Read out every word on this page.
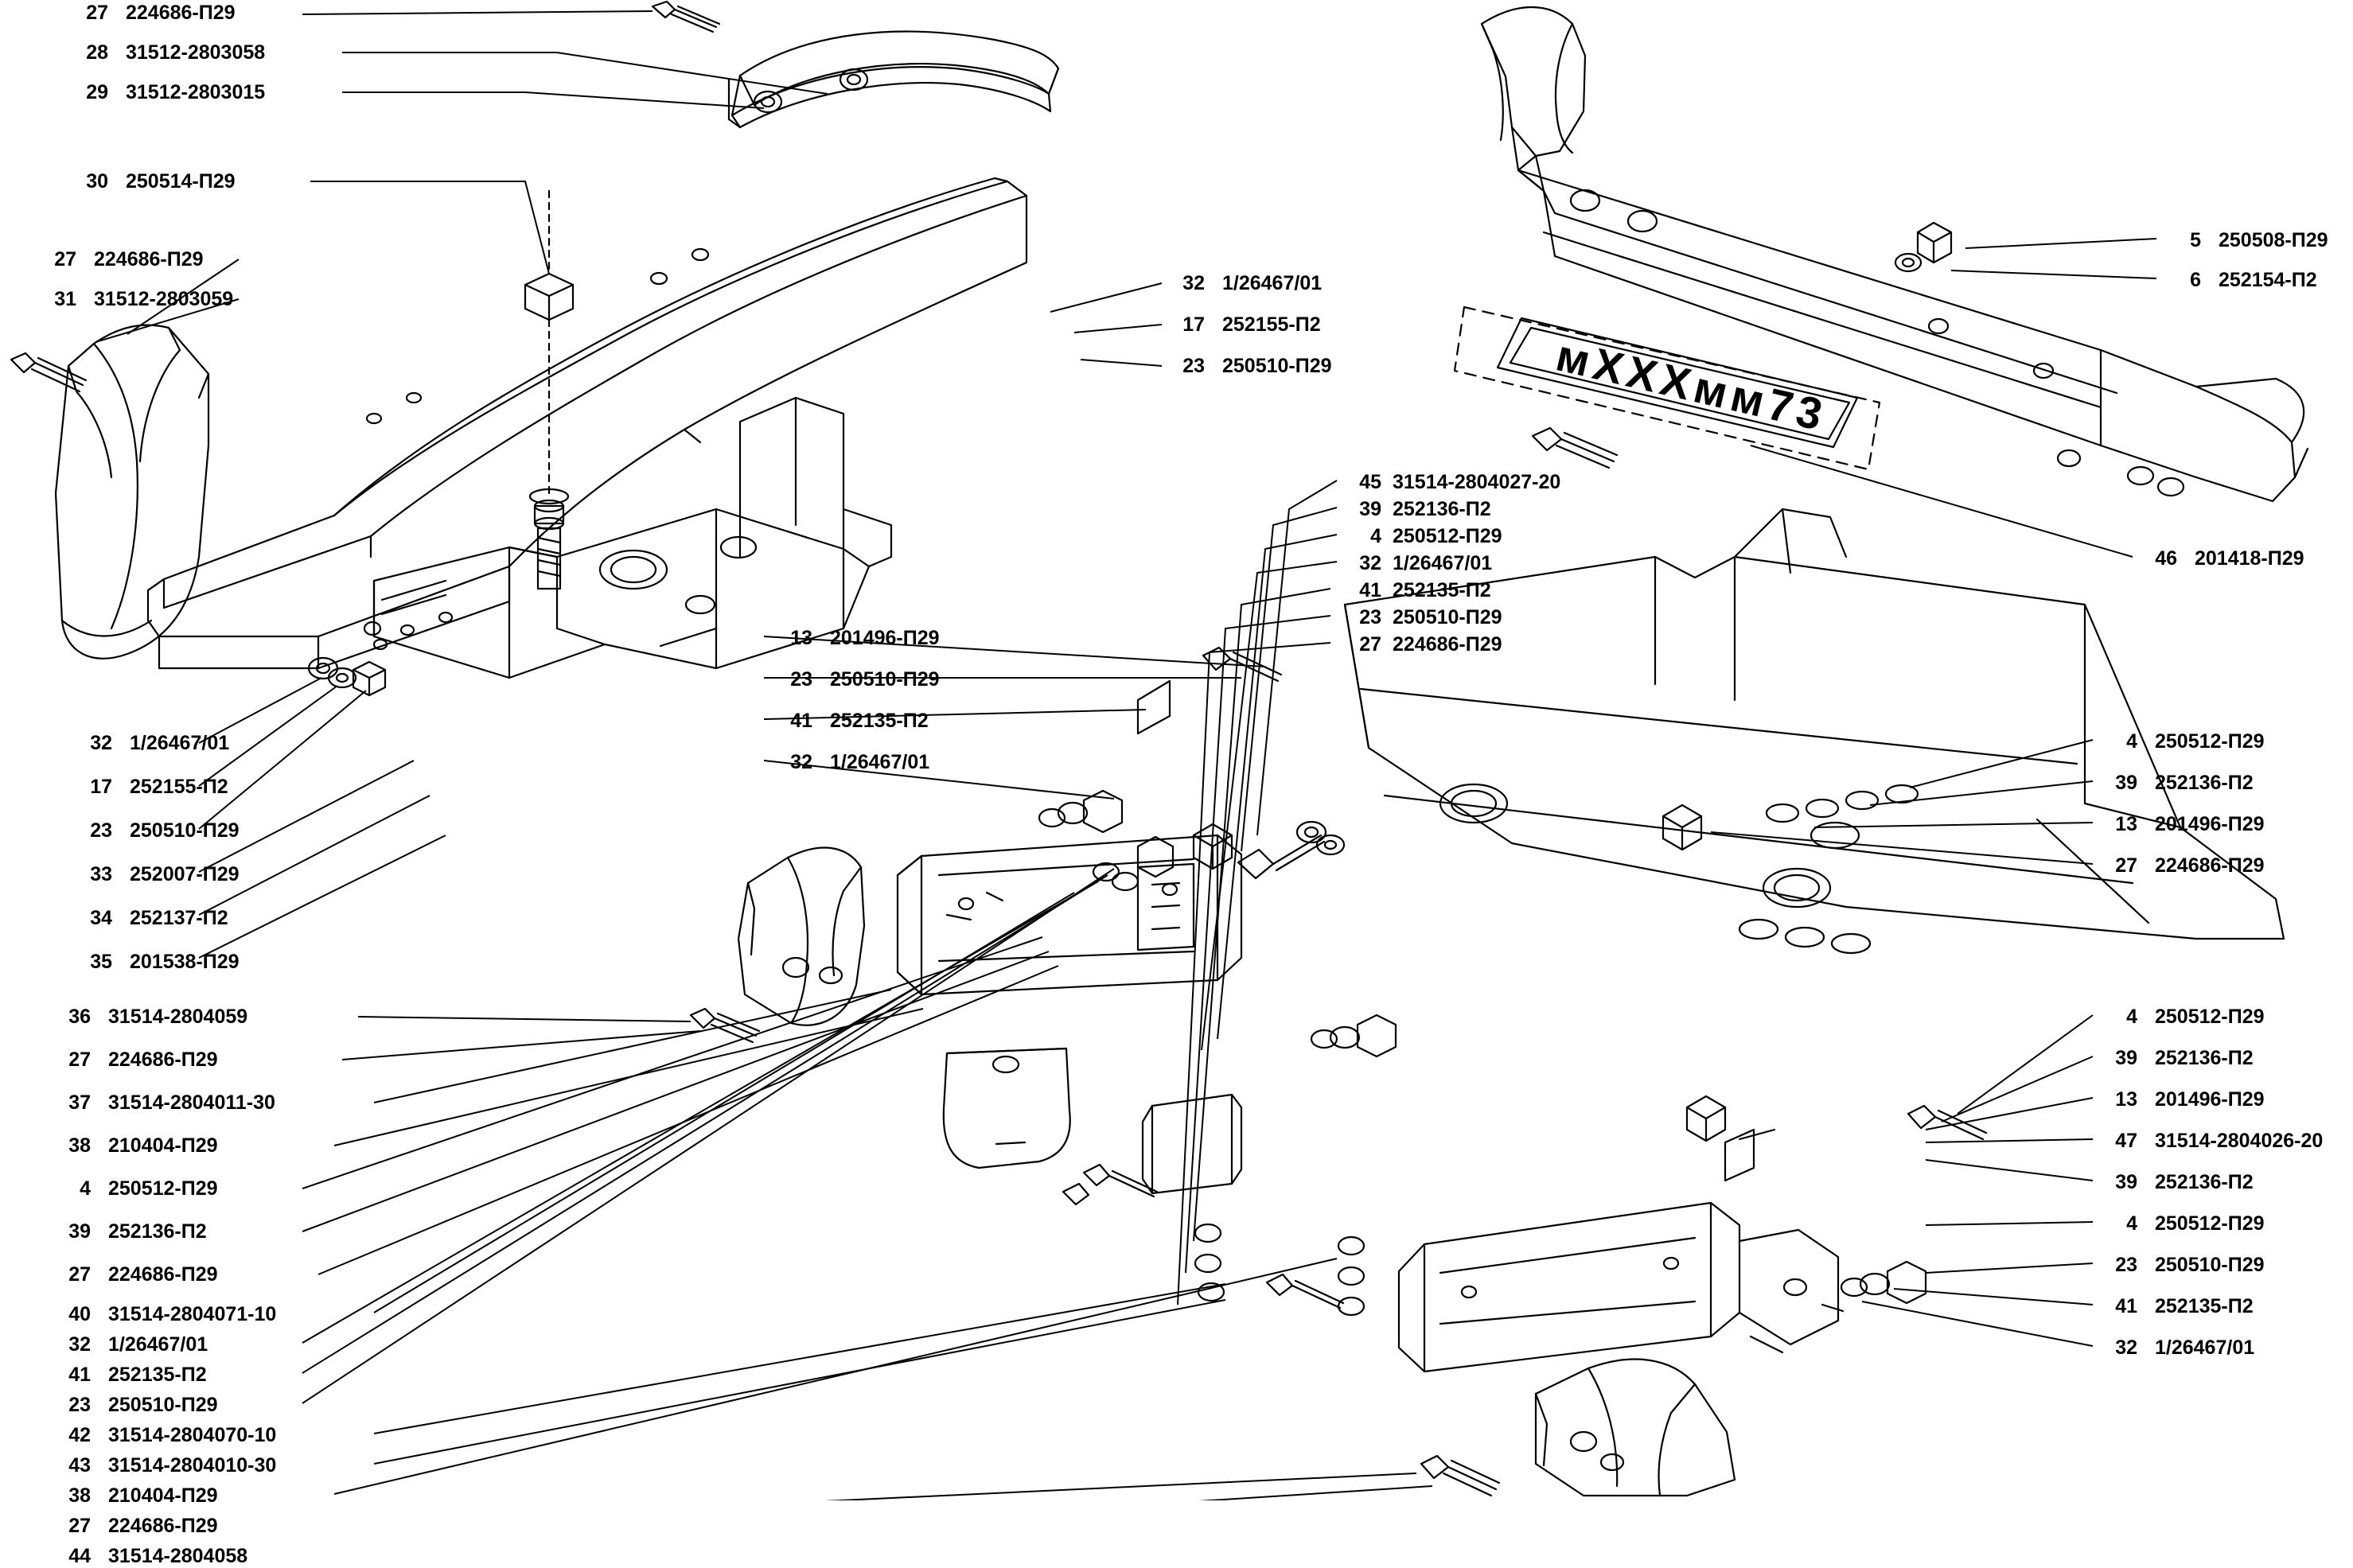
27 224686-П29
28 31512-2803058
29 31512-2803015
30 250514-П29
27 224686-П29
31 31512-2803059
32 1/26467/01
17 252155-П2
23 250510-П29
33 252007-П29
34 252137-П2
35 201538-П29
36 31514-2804059
27 224686-П29
37 31514-2804011-30
38 210404-П29
4 250512-П29
39 252136-П2
27 224686-П29
40 31514-2804071-10
32 1/26467/01
41 252135-П2
23 250510-П29
42 31514-2804070-10
43 31514-2804010-30
38 210404-П29
27 224686-П29
44 31514-2804058
32 1/26467/01
17 252155-П2
23 250510-П29
13 201496-П29
23 250510-П29
41 252135-П2
32 1/26467/01
45 31514-2804027-20
39 252136-П2
4 250512-П29
32 1/26467/01
41 252135-П2
23 250510-П29
27 224686-П29
5 250508-П29
6 252154-П2
46 201418-П29
4 250512-П29
39 252136-П2
13 201496-П29
27 224686-П29
4 250512-П29
39 252136-П2
13 201496-П29
47 31514-2804026-20
39 252136-П2
4 250512-П29
23 250510-П29
41 252135-П2
32 1/26467/01
мXXXмм73
